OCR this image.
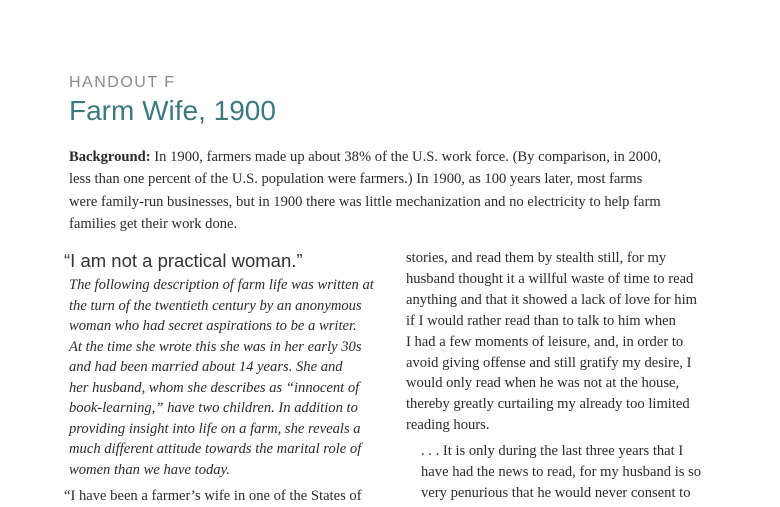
HANDOUT F
Farm Wife, 1900
Background: In 1900, farmers made up about 38% of the U.S. work force. (By comparison, in 2000,
less than one percent of the U.S. population were farmers.) In 1900, as 100 years later, most farms
were family-run businesses, but in 1900 there was little mechanization and no electricity to help farm
families get their work done.
“I am not a practical woman.”
The following description of farm life was written at
the turn of the twentieth century by an anonymous
woman who had secret aspirations to be a writer.
At the time she wrote this she was in her early 30s
and had been married about 14 years. She and
her husband, whom she describes as “innocent of
book-learning,” have two children. In addition to
providing insight into life on a farm, she reveals a
much different attitude towards the marital role of
women than we have today.

“I have been a farmer’s wife in one of the States of

stories, and read them by stealth still, for my
husband thought it a willful waste of time to read
anything and that it showed a lack of love for him
if I would rather read than to talk to him when
I had a few moments of leisure, and, in order to
avoid giving offense and still gratify my desire, I
would only read when he was not at the house,
thereby greatly curtailing my already too limited
reading hours.

. . . It is only during the last three years that I
have had the news to read, for my husband is so
very penurious that he would never consent to
